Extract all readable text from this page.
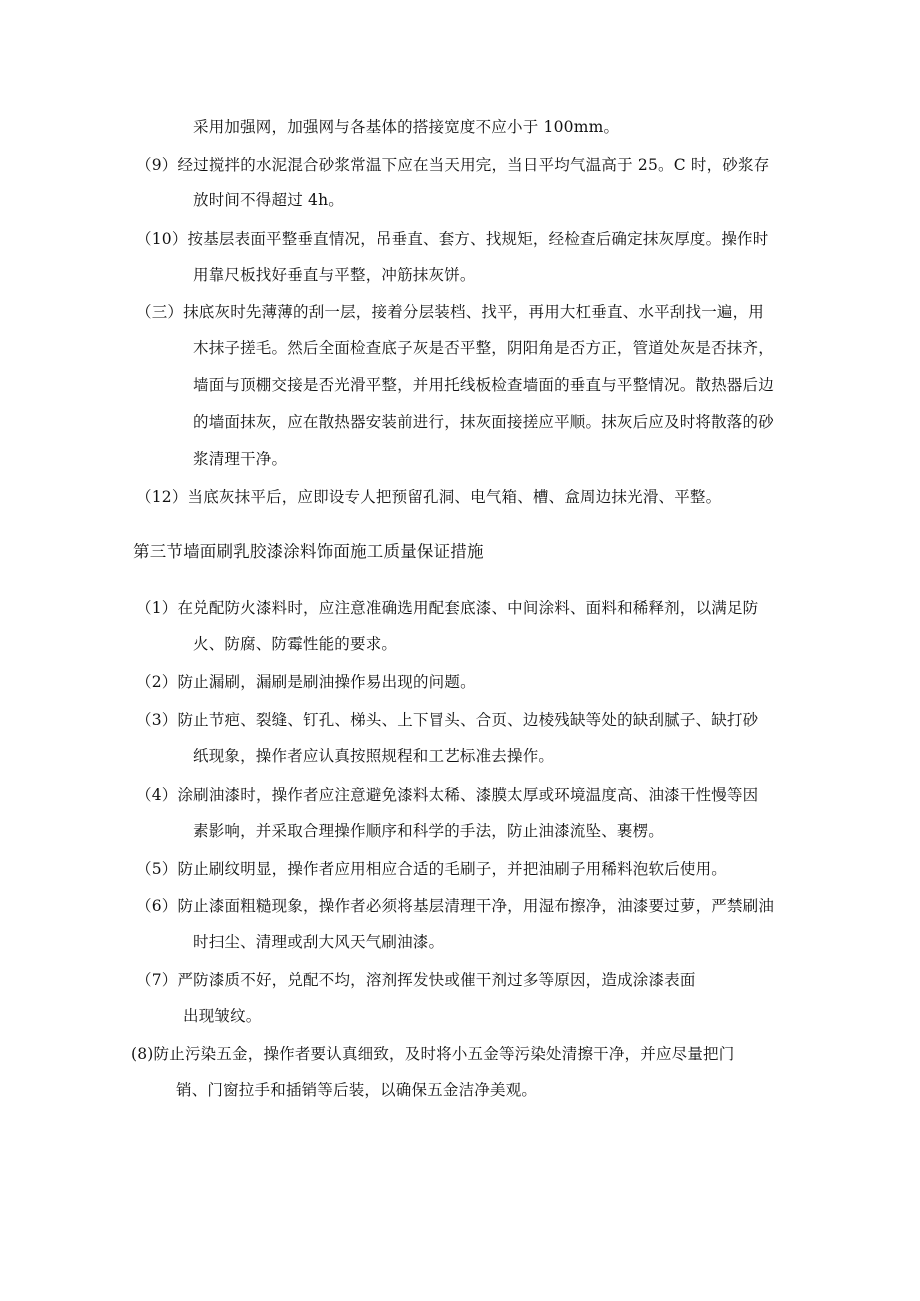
采用加强网，加强网与各基体的搭接宽度不应小于 100mm。
（9）经过搅拌的水泥混合砂浆常温下应在当天用完，当日平均气温高于 25。C 时，砂浆存
放时间不得超过 4h。
（10）按基层表面平整垂直情况，吊垂直、套方、找规矩，经检查后确定抹灰厚度。操作时
用靠尺板找好垂直与平整，冲筋抹灰饼。
（三）抹底灰时先薄薄的刮一层，接着分层装档、找平，再用大杠垂直、水平刮找一遍，用
木抹子搓毛。然后全面检查底子灰是否平整，阴阳角是否方正，管道处灰是否抹齐，
墙面与顶棚交接是否光滑平整，并用托线板检查墙面的垂直与平整情况。散热器后边
的墙面抹灰，应在散热器安装前进行，抹灰面接搓应平顺。抹灰后应及时将散落的砂
浆清理干净。
（12）当底灰抹平后，应即设专人把预留孔洞、电气箱、槽、盒周边抹光滑、平整。
第三节墙面刷乳胶漆涂料饰面施工质量保证措施
（1）在兑配防火漆料时，应注意准确选用配套底漆、中间涂料、面料和稀释剂，以满足防
火、防腐、防霉性能的要求。
（2）防止漏刷，漏刷是刷油操作易出现的问题。
（3）防止节疤、裂缝、钉孔、梯头、上下冒头、合页、边棱残缺等处的缺刮腻子、缺打砂
纸现象，操作者应认真按照规程和工艺标准去操作。
（4）涂刷油漆时，操作者应注意避免漆料太稀、漆膜太厚或环境温度高、油漆干性慢等因
素影响，并采取合理操作顺序和科学的手法，防止油漆流坠、裹楞。
（5）防止刷纹明显，操作者应用相应合适的毛刷子，并把油刷子用稀料泡软后使用。
（6）防止漆面粗糙现象，操作者必须将基层清理干净，用湿布擦净，油漆要过萝，严禁刷油
时扫尘、清理或刮大风天气刷油漆。
（7）严防漆质不好，兑配不均，溶剂挥发快或催干剂过多等原因，造成涂漆表面
出现皱纹。
(8)防止污染五金，操作者要认真细致，及时将小五金等污染处清擦干净，并应尽量把门
销、门窗拉手和插销等后装，以确保五金洁净美观。
